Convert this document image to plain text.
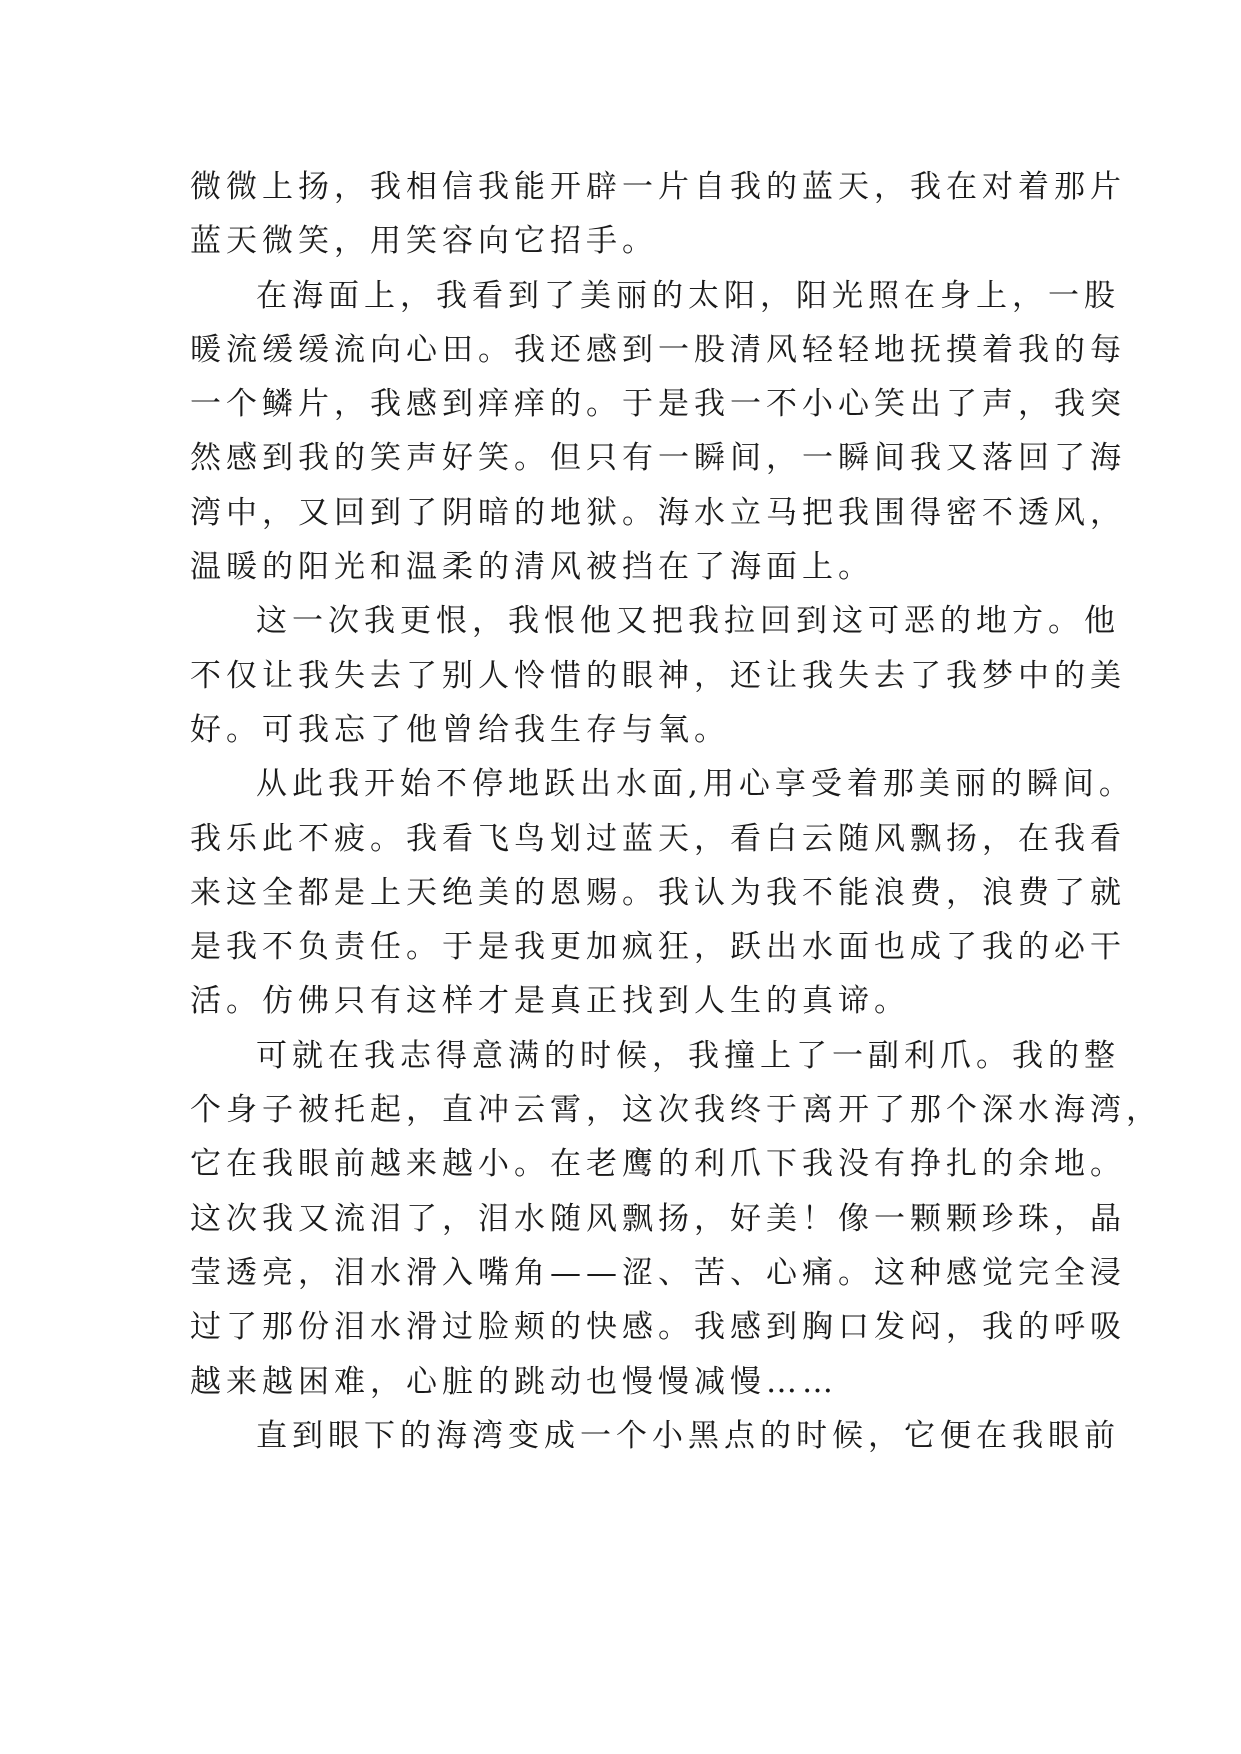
微微上扬，我相信我能开辟一片自我的蓝天，我在对着那片
蓝天微笑，用笑容向它招手。
在海面上，我看到了美丽的太阳，阳光照在身上，一股
暖流缓缓流向心田。我还感到一股清风轻轻地抚摸着我的每
一个鳞片，我感到痒痒的。于是我一不小心笑出了声，我突
然感到我的笑声好笑。但只有一瞬间，一瞬间我又落回了海
湾中，又回到了阴暗的地狱。海水立马把我围得密不透风，
温暖的阳光和温柔的清风被挡在了海面上。
这一次我更恨，我恨他又把我拉回到这可恶的地方。他
不仅让我失去了别人怜惜的眼神，还让我失去了我梦中的美
好。可我忘了他曾给我生存与氧。
从此我开始不停地跃出水面,用心享受着那美丽的瞬间。
我乐此不疲。我看飞鸟划过蓝天，看白云随风飘扬，在我看
来这全都是上天绝美的恩赐。我认为我不能浪费，浪费了就
是我不负责任。于是我更加疯狂，跃出水面也成了我的必干
活。仿佛只有这样才是真正找到人生的真谛。
可就在我志得意满的时候，我撞上了一副利爪。我的整
个身子被托起，直冲云霄，这次我终于离开了那个深水海湾，
它在我眼前越来越小。在老鹰的利爪下我没有挣扎的余地。
这次我又流泪了，泪水随风飘扬，好美！像一颗颗珍珠，晶
莹透亮，泪水滑入嘴角——涩、苦、心痛。这种感觉完全浸
过了那份泪水滑过脸颊的快感。我感到胸口发闷，我的呼吸
越来越困难，心脏的跳动也慢慢减慢……
直到眼下的海湾变成一个小黑点的时候，它便在我眼前
